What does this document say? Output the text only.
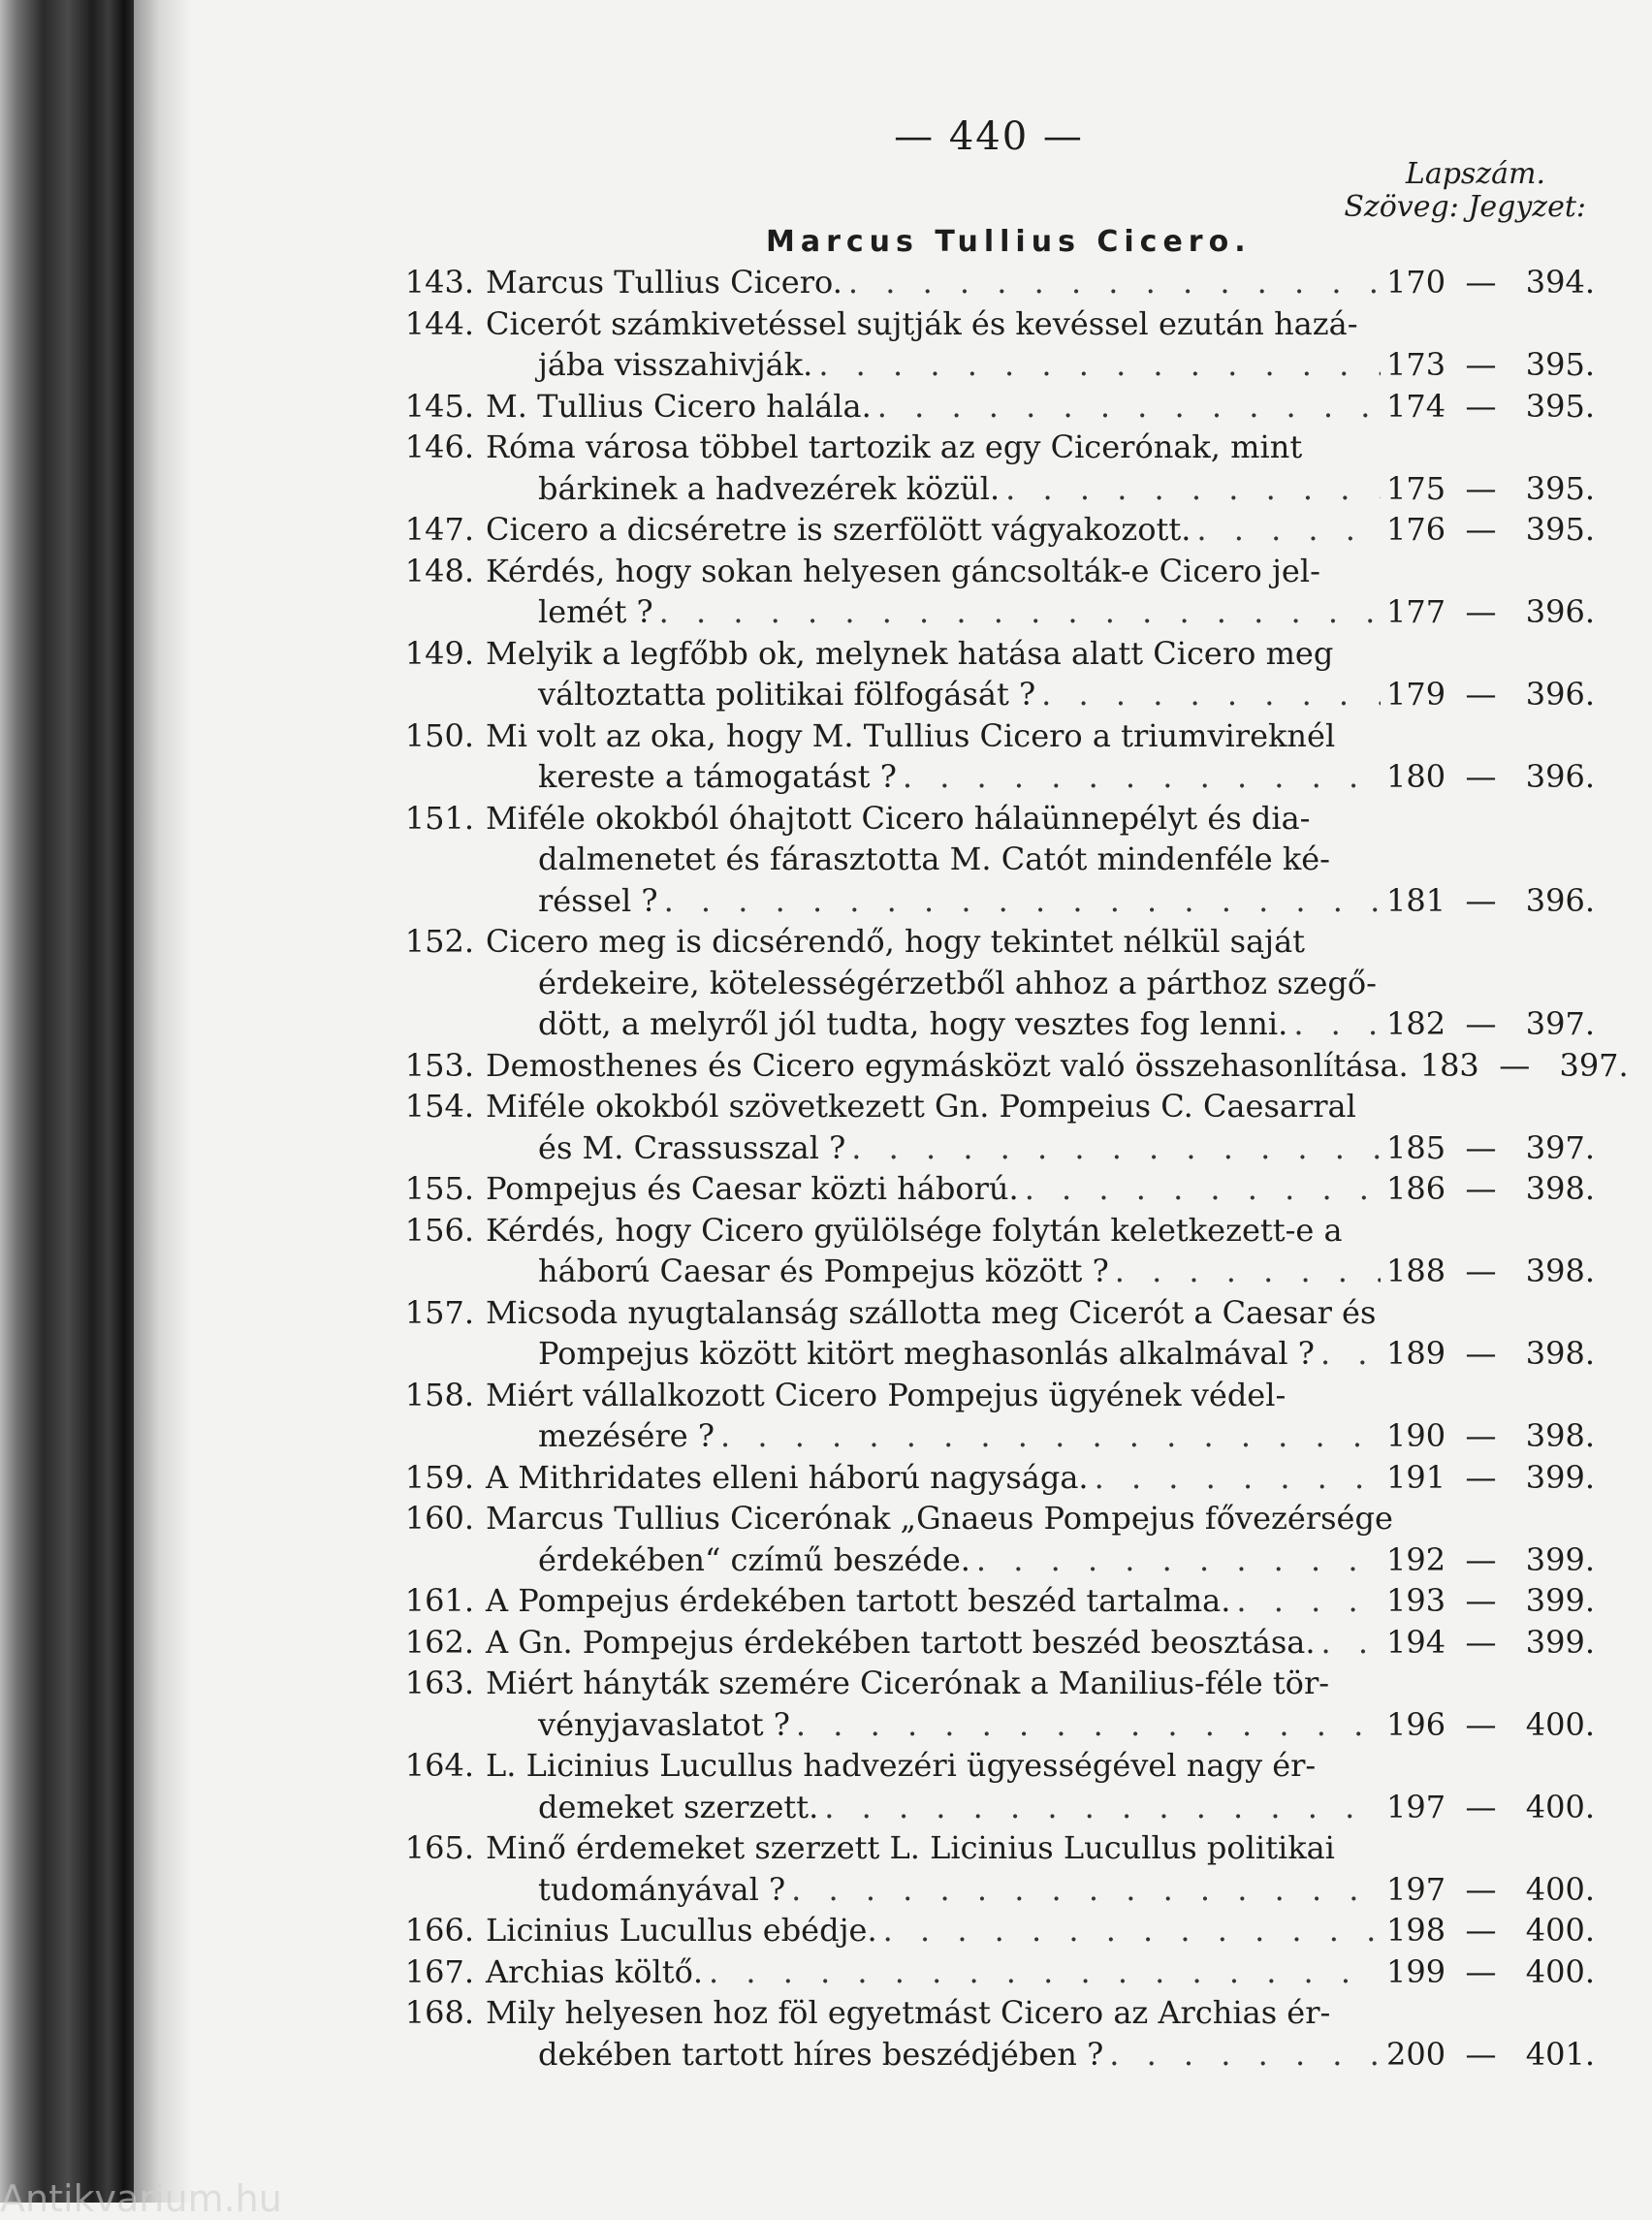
— 440 —
Lapszám.
Szöveg: Jegyzet:
Marcus Tullius Cicero.
143. Marcus Tullius Cicero. . . .	170 — 394.
144. Cicerót számkivetéssel sujtják és kevéssel ezután hazá-
jába visszahivják. . . .	173 — 395.
145. M. Tullius Cicero halála. . . .	174 — 395.
146. Róma városa többel tartozik az egy Cicerónak, mint
bárkinek a hadvezérek közül. . . .	175 — 395.
147. Cicero a dicséretre is szerfölött vágyakozott. . . .	176 — 395.
148. Kérdés, hogy sokan helyesen gáncsolták-e Cicero jel-
lemét ? . . .	177 — 396.
149. Melyik a legfőbb ok, melynek hatása alatt Cicero meg
változtatta politikai fölfogását ? . . .	179 — 396.
150. Mi volt az oka, hogy M. Tullius Cicero a triumvireknél
kereste a támogatást ? . . .	180 — 396.
151. Miféle okokból óhajtott Cicero hálaünnepélyt és dia-
dalmenetet és fárasztotta M. Catót mindenféle ké-
réssel ? . . .	181 — 396.
152. Cicero meg is dicsérendő, hogy tekintet nélkül saját
érdekeire, kötelességérzetből ahhoz a párthoz szegő-
dött, a melyről jól tudta, hogy vesztes fog lenni. . . .	182 — 397.
153. Demosthenes és Cicero egymásközt való összehasonlítása. 183 — 397.
154. Miféle okokból szövetkezett Gn. Pompeius C. Caesarral
és M. Crassusszal ? . . .	185 — 397.
155. Pompejus és Caesar közti háború. . . .	186 — 398.
156. Kérdés, hogy Cicero gyülölsége folytán keletkezett-e a
háború Caesar és Pompejus között ? . . .	188 — 398.
157. Micsoda nyugtalanság szállotta meg Cicerót a Caesar és
Pompejus között kitört meghasonlás alkalmával ? . . . 189 — 398.
158. Miért vállalkozott Cicero Pompejus ügyének védel-
mezésére ? . . .	190 — 398.
159. A Mithridates elleni háború nagysága. . . .	191 — 399.
160. Marcus Tullius Cicerónak „Gnaeus Pompejus fővezérsége
érdekében“ czímű beszéde. . . .	192 — 399.
161. A Pompejus érdekében tartott beszéd tartalma. . . .	193 — 399.
162. A Gn. Pompejus érdekében tartott beszéd beosztása. . . . 194 — 399.
163. Miért hányták szemére Cicerónak a Manilius-féle tör-
vényjavaslatot ? . . .	196 — 400.
164. L. Licinius Lucullus hadvezéri ügyességével nagy ér-
demeket szerzett. . . .	197 — 400.
165. Minő érdemeket szerzett L. Licinius Lucullus politikai
tudományával ? . . .	197 — 400.
166. Licinius Lucullus ebédje. . . .	198 — 400.
167. Archias költő. . . .	199 — 400.
168. Mily helyesen hoz föl egyetmást Cicero az Archias ér-
dekében tartott híres beszédjében ? . . .	200 — 401.
Antikvarium.hu
